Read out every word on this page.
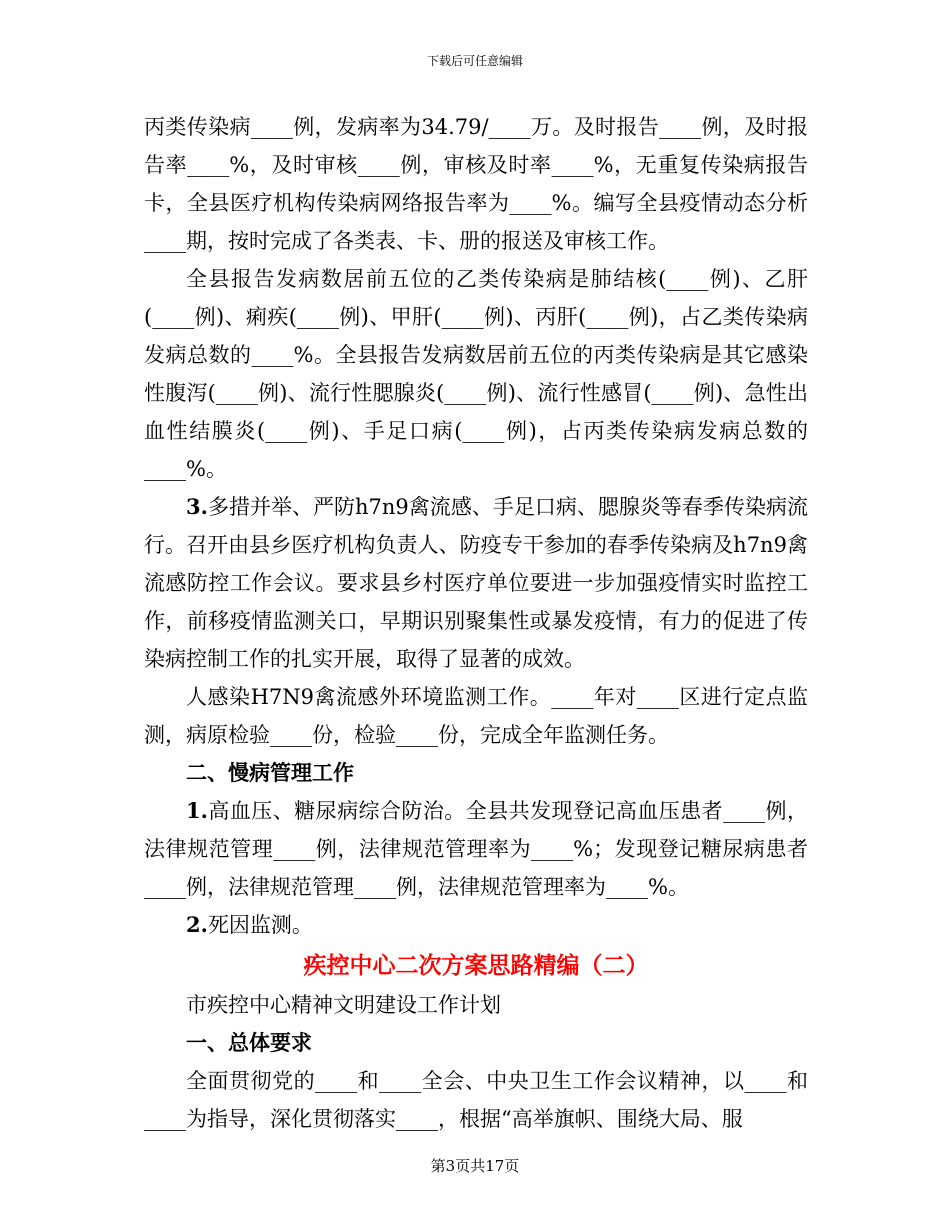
下载后可任意编辑

丙类传染病____例，发病率为34.79/____万。及时报告____例，及时报告率____%，及时审核____例，审核及时率____%，无重复传染病报告卡，全县医疗机构传染病网络报告率为____%。编写全县疫情动态分析____期，按时完成了各类表、卡、册的报送及审核工作。

全县报告发病数居前五位的乙类传染病是肺结核(____例)、乙肝(____例)、痢疾(____例)、甲肝(____例)、丙肝(____例)，占乙类传染病发病总数的____%。全县报告发病数居前五位的丙类传染病是其它感染性腹泻(____例)、流行性腮腺炎(____例)、流行性感冒(____例)、急性出血性结膜炎(____例)、手足口病(____例)，占丙类传染病发病总数的____%。

3.多措并举、严防h7n9禽流感、手足口病、腮腺炎等春季传染病流行。召开由县乡医疗机构负责人、防疫专干参加的春季传染病及h7n9禽流感防控工作会议。要求县乡村医疗单位要进一步加强疫情实时监控工作，前移疫情监测关口，早期识别聚集性或暴发疫情，有力的促进了传染病控制工作的扎实开展，取得了显著的成效。

人感染H7N9禽流感外环境监测工作。____年对____区进行定点监测，病原检验____份，检验____份，完成全年监测任务。

二、慢病管理工作

1.高血压、糖尿病综合防治。全县共发现登记高血压患者____例，法律规范管理____例，法律规范管理率为____%；发现登记糖尿病患者____例，法律规范管理____例，法律规范管理率为____%。

2.死因监测。

疾控中心二次方案思路精编（二）

市疾控中心精神文明建设工作计划

一、总体要求

全面贯彻党的____和____全会、中央卫生工作会议精神，以____和____为指导，深化贯彻落实____，根据“高举旗帜、围绕大局、服

第3页共17页
